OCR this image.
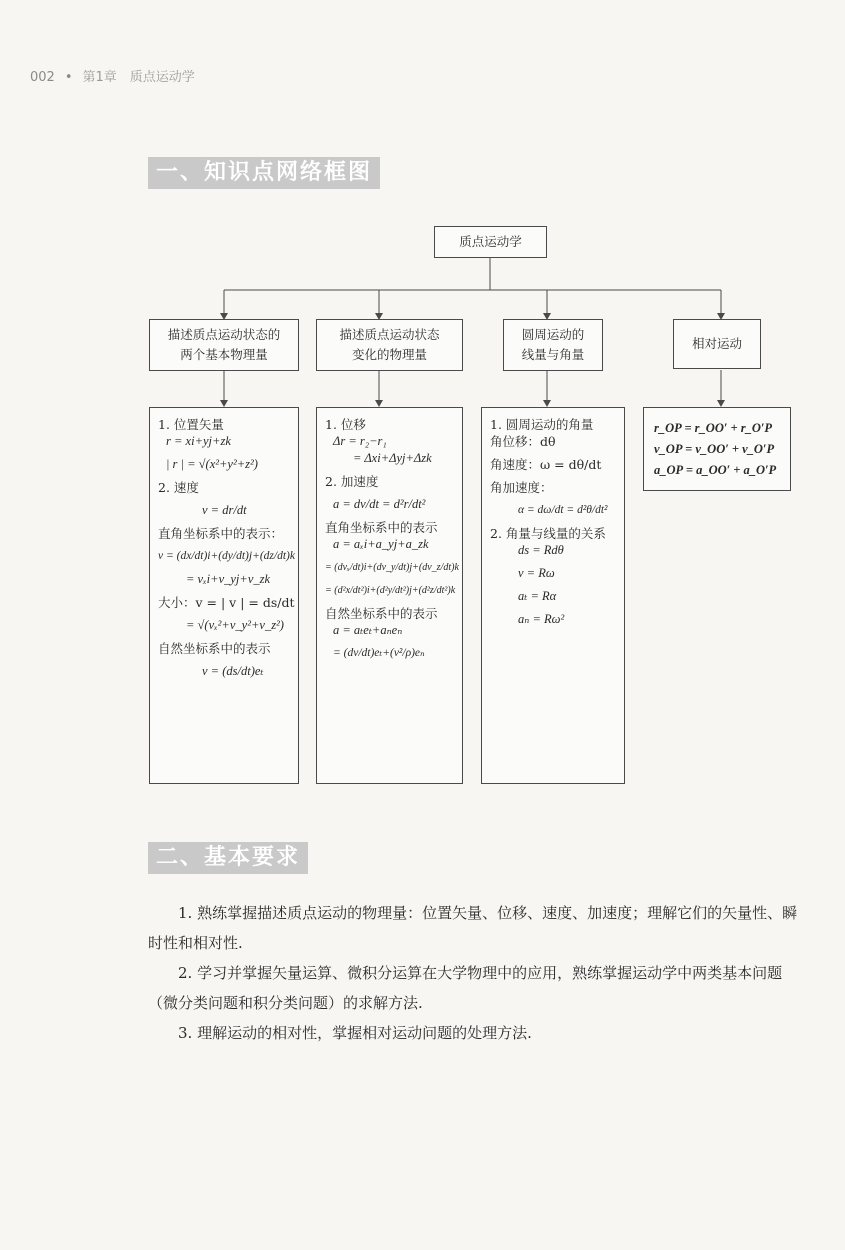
002 • 第1章　质点运动学
一、知识点网络框图
质点运动学
描述质点运动状态的
两个基本物理量
描述质点运动状态
变化的物理量
圆周运动的
线量与角量
相对运动
1. 位置矢量
r = xi+yj+zk
| r | = √(x²+y²+z²)
2. 速度
v = dr/dt
直角坐标系中的表示：
v = (dx/dt)i+(dy/dt)j+(dz/dt)k
= vₓi+v_yj+v_zk
大小：v = | v | = ds/dt
= √(vₓ²+v_y²+v_z²)
自然坐标系中的表示
v = (ds/dt)eₜ
1. 位移
Δr = r₂−r₁
= Δxi+Δyj+Δzk
2. 加速度
a = dv/dt = d²r/dt²
直角坐标系中的表示
a = aₓi+a_yj+a_zk
= (dvₓ/dt)i+(dv_y/dt)j+(dv_z/dt)k
= (d²x/dt²)i+(d²y/dt²)j+(d²z/dt²)k
自然坐标系中的表示
a = aₜeₜ+aₙeₙ
= (dv/dt)eₜ+(v²/ρ)eₙ
1. 圆周运动的角量
角位移：dθ
角速度：ω = dθ/dt
角加速度：
α = dω/dt = d²θ/dt²
2. 角量与线量的关系
ds = Rdθ
v = Rω
aₜ = Rα
aₙ = Rω²
r_OP = r_OO′ + r_O′P
v_OP = v_OO′ + v_O′P
a_OP = a_OO′ + a_O′P
二、基本要求

1. 熟练掌握描述质点运动的物理量：位置矢量、位移、速度、加速度；理解它们的矢量性、瞬时性和相对性.

2. 学习并掌握矢量运算、微积分运算在大学物理中的应用，熟练掌握运动学中两类基本问题（微分类问题和积分类问题）的求解方法.

3. 理解运动的相对性，掌握相对运动问题的处理方法.
